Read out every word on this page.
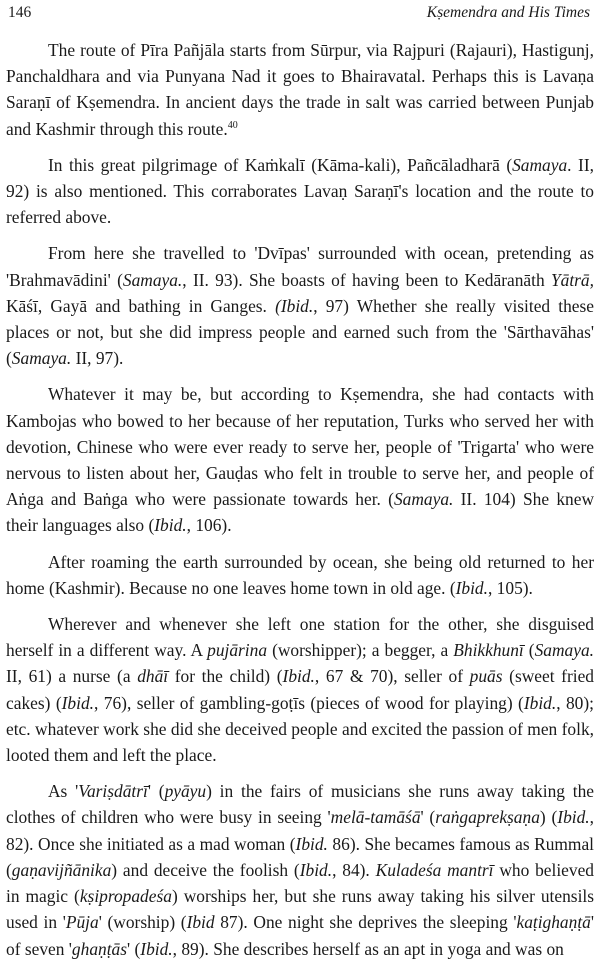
146	Kṣemendra and His Times

The route of Pīra Pañjāla starts from Sūrpur, via Rajpuri (Rajauri), Hastigunj, Panchaldhara and via Punyana Nad it goes to Bhairavatal. Perhaps this is Lavaṇa Saraṇī of Kṣemendra. In ancient days the trade in salt was carried between Punjab and Kashmir through this route.$^{40}$

In this great pilgrimage of Kaṁkalī (Kāma-kali), Pañcāladharā (Samaya. II, 92) is also mentioned. This corraborates Lavaṇ Saraṇī's location and the route to referred above.

From here she travelled to 'Dvīpas' surrounded with ocean, pretending as 'Brahmavādini' (Samaya., II. 93). She boasts of having been to Kedāranāth Yātrā, Kāśī, Gayā and bathing in Ganges. (Ibid., 97) Whether she really visited these places or not, but she did impress people and earned such from the 'Sārthavāhas' (Samaya. II, 97).

Whatever it may be, but according to Kṣemendra, she had contacts with Kambojas who bowed to her because of her reputation, Turks who served her with devotion, Chinese who were ever ready to serve her, people of 'Trigarta' who were nervous to listen about her, Gauḍas who felt in trouble to serve her, and people of Aṅga and Baṅga who were passionate towards her. (Samaya. II. 104) She knew their languages also (Ibid., 106).

After roaming the earth surrounded by ocean, she being old returned to her home (Kashmir). Because no one leaves home town in old age. (Ibid., 105).

Wherever and whenever she left one station for the other, she disguised herself in a different way. A pujārina (worshipper); a begger, a Bhikkhunī (Samaya. II, 61) a nurse (a dhāī for the child) (Ibid., 67 & 70), seller of puās (sweet fried cakes) (Ibid., 76), seller of gambling-goṭīs (pieces of wood for playing) (Ibid., 80); etc. whatever work she did she deceived people and excited the passion of men folk, looted them and left the place.

As 'Variṣdātrī' (pyāyu) in the fairs of musicians she runs away taking the clothes of children who were busy in seeing 'melā-tamāśā' (raṅgaprekṣaṇa) (Ibid., 82). Once she initiated as a mad woman (Ibid. 86). She becames famous as Rummal (gaṇavijñānika) and deceive the foolish (Ibid., 84). Kuladeśa mantrī who believed in magic (kṣipropadeśa) worships her, but she runs away taking his silver utensils used in 'Pūja' (worship) (Ibid 87). One night she deprives the sleeping 'kaṭighaṇṭā' of seven 'ghaṇṭās' (Ibid., 89). She describes herself as an apt in yoga and was on
